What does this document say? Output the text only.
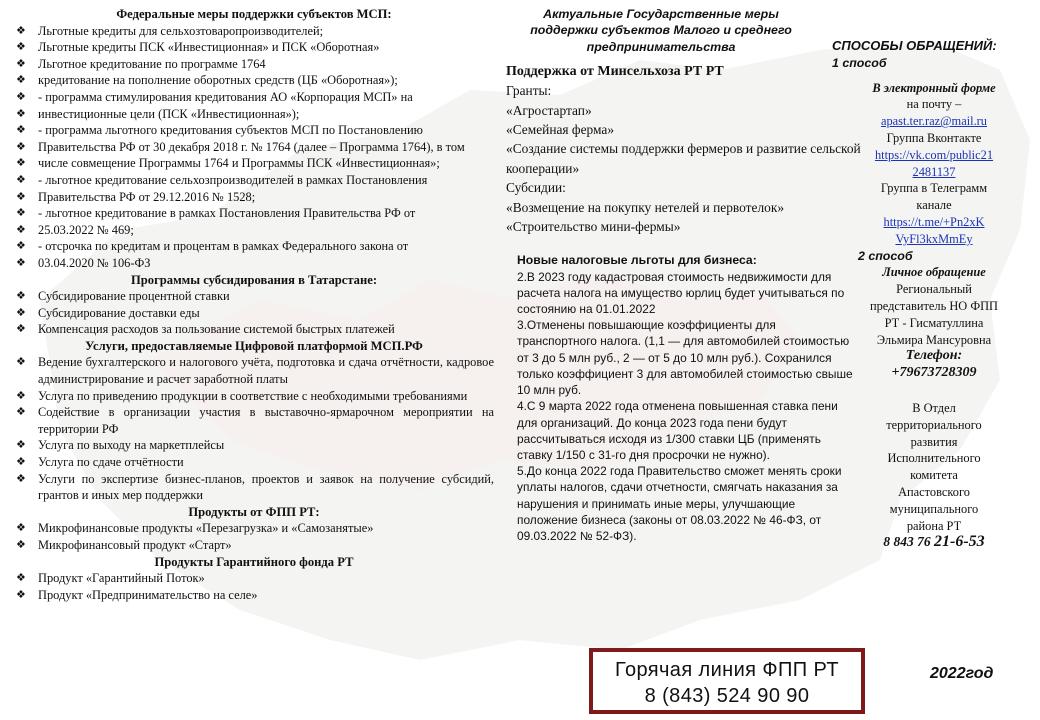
Федеральные меры поддержки субъектов МСП:
❖ Льготные кредиты для сельхозтоваропроизводителей;
❖ Льготные кредиты ПСК «Инвестиционная» и ПСК «Оборотная»
❖ Льготное кредитование по программе 1764
❖ кредитование на пополнение оборотных средств (ЦБ «Оборотная»);
❖ - программа стимулирования кредитования АО «Корпорация МСП» на
❖ инвестиционные цели (ПСК «Инвестиционная»);
❖ - программа льготного кредитования субъектов МСП по Постановлению
❖ Правительства РФ от 30 декабря 2018 г. № 1764 (далее – Программа 1764), в том
❖ числе совмещение Программы 1764 и Программы ПСК «Инвестиционная»;
❖ - льготное кредитование сельхозпроизводителей в рамках Постановления
❖ Правительства РФ от 29.12.2016 № 1528;
❖ - льготное кредитование в рамках Постановления Правительства РФ от
❖ 25.03.2022 № 469;
❖ - отсрочка по кредитам и процентам в рамках Федерального закона от
❖ 03.04.2020 № 106-ФЗ
Программы субсидирования в Татарстане:
❖ Субсидирование процентной ставки
❖ Субсидирование доставки еды
❖ Компенсация расходов за пользование системой быстрых платежей
Услуги, предоставляемые Цифровой платформой МСП.РФ
❖ Ведение бухгалтерского и налогового учёта, подготовка и сдача отчётности, кадровое администрирование и расчет заработной платы
❖ Услуга по приведению продукции в соответствие с необходимыми требованиями
❖ Содействие в организации участия в выставочно-ярмарочном мероприятии на территории РФ
❖ Услуга по выходу на маркетплейсы
❖ Услуга по сдаче отчётности
❖ Услуги по экспертизе бизнес-планов, проектов и заявок на получение субсидий, грантов и иных мер поддержки
Продукты от ФПП РТ:
❖ Микрофинансовые продукты «Перезагрузка» и «Самозанятые»
❖ Микрофинансовый продукт «Старт»
Продукты Гарантийного фонда РТ
❖ Продукт «Гарантийный Поток»
❖ Продукт «Предпринимательство на селе»
Актуальные Государственные меры поддержки субъектов Малого и среднего предпринимательства
Поддержка от Минсельхоза РТ РТ

Гранты:

«Агростартап»

«Семейная ферма»

«Создание системы поддержки фермеров и развитие сельской кооперации»

Субсидии:

«Возмещение на покупку нетелей и первотелок»

«Строительство мини-фермы»

Новые налоговые льготы для бизнеса:

2.В 2023 году кадастровая стоимость недвижимости для расчета налога на имущество юрлиц будет учитываться по состоянию на 01.01.2022

3.Отменены повышающие коэффициенты для транспортного налога. (1,1 — для автомобилей стоимостью от 3 до 5 млн руб., 2 — от 5 до 10 млн руб.). Сохранился только коэффициент 3 для автомобилей стоимостью свыше 10 млн руб.

4.С 9 марта 2022 года отменена повышенная ставка пени для организаций. До конца 2023 года пени будут рассчитываться исходя из 1/300 ставки ЦБ (применять ставку 1/150 с 31-го дня просрочки не нужно).

5.До конца 2022 года Правительство сможет менять сроки уплаты налогов, сдачи отчетности, смягчать наказания за нарушения и принимать иные меры, улучшающие положение бизнеса (законы от 08.03.2022 № 46-ФЗ, от 09.03.2022 № 52-ФЗ).

СПОСОБЫ ОБРАЩЕНИЙ:
1 способ
В электронный форме
на почту –
apast.ter.raz@mail.ru
Группа Вконтакте
https://vk.com/public212481137
Группа в Телеграмм канале
https://t.me/+Pn2xKVyFl3kxMmEy
2 способ
Личное обращение
Региональный представитель НО ФПП РТ - Гисматуллина Эльмира Мансуровна
Телефон:
+79673728309
В Отдел территориального развития Исполнительного комитета Апастовского муниципального района РТ
8 843 76 21-6-53
Горячая линия ФПП РТ
8 (843) 524 90 90
2022год
